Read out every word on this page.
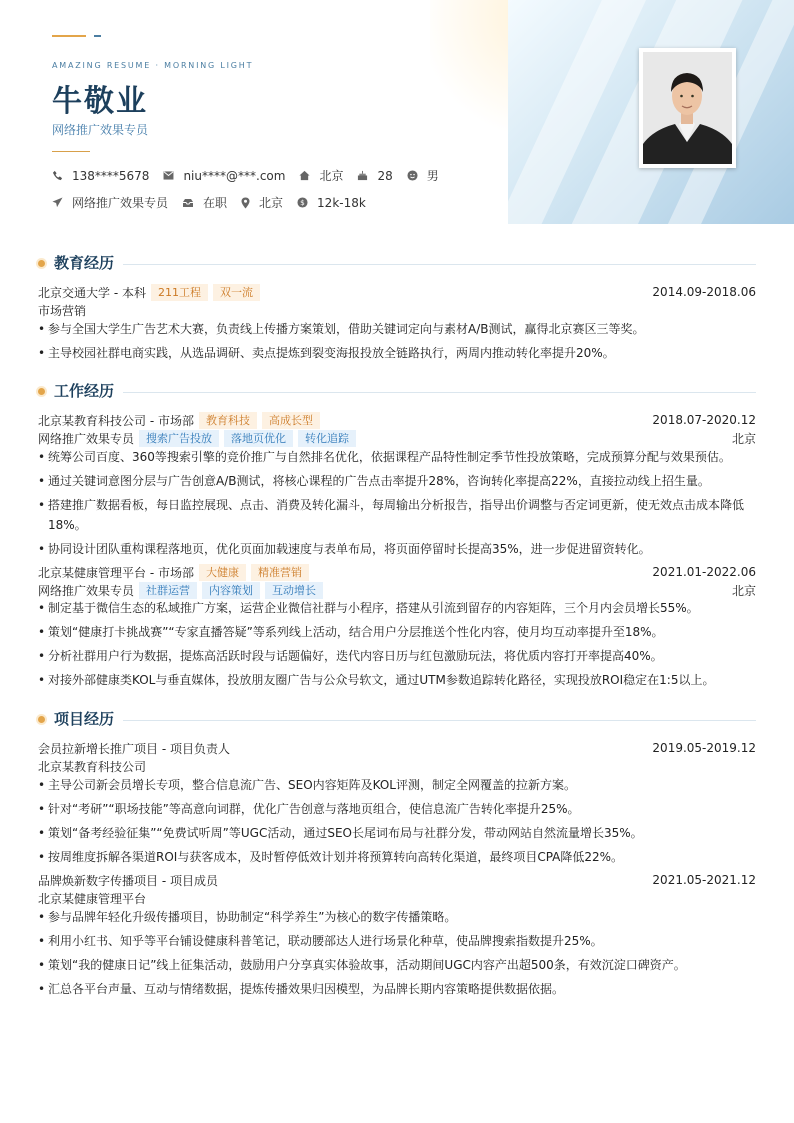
AMAZING RESUME · MORNING LIGHT
牛敬业
网络推广效果专员
138****5678	niu****@***.com	北京	28	男
网络推广效果专员	在职	北京 $ 12k-18k
教育经历
北京交通大学 - 本科	211工程	双一流	2014.09-2018.06
市场营销
• 参与全国大学生广告艺术大赛，负责线上传播方案策划，借助关键词定向与素材A/B测试，赢得北京赛区三等奖。
• 主导校园社群电商实践，从选品调研、卖点提炼到裂变海报投放全链路执行，两周内推动转化率提升20%。
工作经历
北京某教育科技公司 - 市场部	教育科技	高成长型	2018.07-2020.12
网络推广效果专员	搜索广告投放	落地页优化	转化追踪	北京
• 统筹公司百度、360等搜索引擎的竞价推广与自然排名优化，依据课程产品特性制定季节性投放策略，完成预算分配与效果预估。
• 通过关键词意图分层与广告创意A/B测试，将核心课程的广告点击率提升28%，咨询转化率提高22%，直接拉动线上招生量。
• 搭建推广数据看板，每日监控展现、点击、消费及转化漏斗，每周输出分析报告，指导出价调整与否定词更新，使无效点击成本降低18%。
• 协同设计团队重构课程落地页，优化页面加载速度与表单布局，将页面停留时长提高35%，进一步促进留资转化。
北京某健康管理平台 - 市场部	大健康	精准营销	2021.01-2022.06
网络推广效果专员	社群运营	内容策划	互动增长	北京
• 制定基于微信生态的私域推广方案，运营企业微信社群与小程序，搭建从引流到留存的内容矩阵，三个月内会员增长55%。
• 策划“健康打卡挑战赛”“专家直播答疑”等系列线上活动，结合用户分层推送个性化内容，使月均互动率提升至18%。
• 分析社群用户行为数据，提炼高活跃时段与话题偏好，迭代内容日历与红包激励玩法，将优质内容打开率提高40%。
• 对接外部健康类KOL与垂直媒体，投放朋友圈广告与公众号软文，通过UTM参数追踪转化路径，实现投放ROI稳定在1:5以上。
项目经历
会员拉新增长推广项目 - 项目负责人	2019.05-2019.12
北京某教育科技公司
• 主导公司新会员增长专项，整合信息流广告、SEO内容矩阵及KOL评测，制定全网覆盖的拉新方案。
• 针对“考研”“职场技能”等高意向词群，优化广告创意与落地页组合，使信息流广告转化率提升25%。
• 策划“备考经验征集”“免费试听周”等UGC活动，通过SEO长尾词布局与社群分发，带动网站自然流量增长35%。
• 按周维度拆解各渠道ROI与获客成本，及时暂停低效计划并将预算转向高转化渠道，最终项目CPA降低22%。
品牌焕新数字传播项目 - 项目成员	2021.05-2021.12
北京某健康管理平台
• 参与品牌年轻化升级传播项目，协助制定“科学养生”为核心的数字传播策略。
• 利用小红书、知乎等平台铺设健康科普笔记，联动腰部达人进行场景化种草，使品牌搜索指数提升25%。
• 策划“我的健康日记”线上征集活动，鼓励用户分享真实体验故事，活动期间UGC内容产出超500条，有效沉淀口碑资产。
• 汇总各平台声量、互动与情绪数据，提炼传播效果归因模型，为品牌长期内容策略提供数据依据。
